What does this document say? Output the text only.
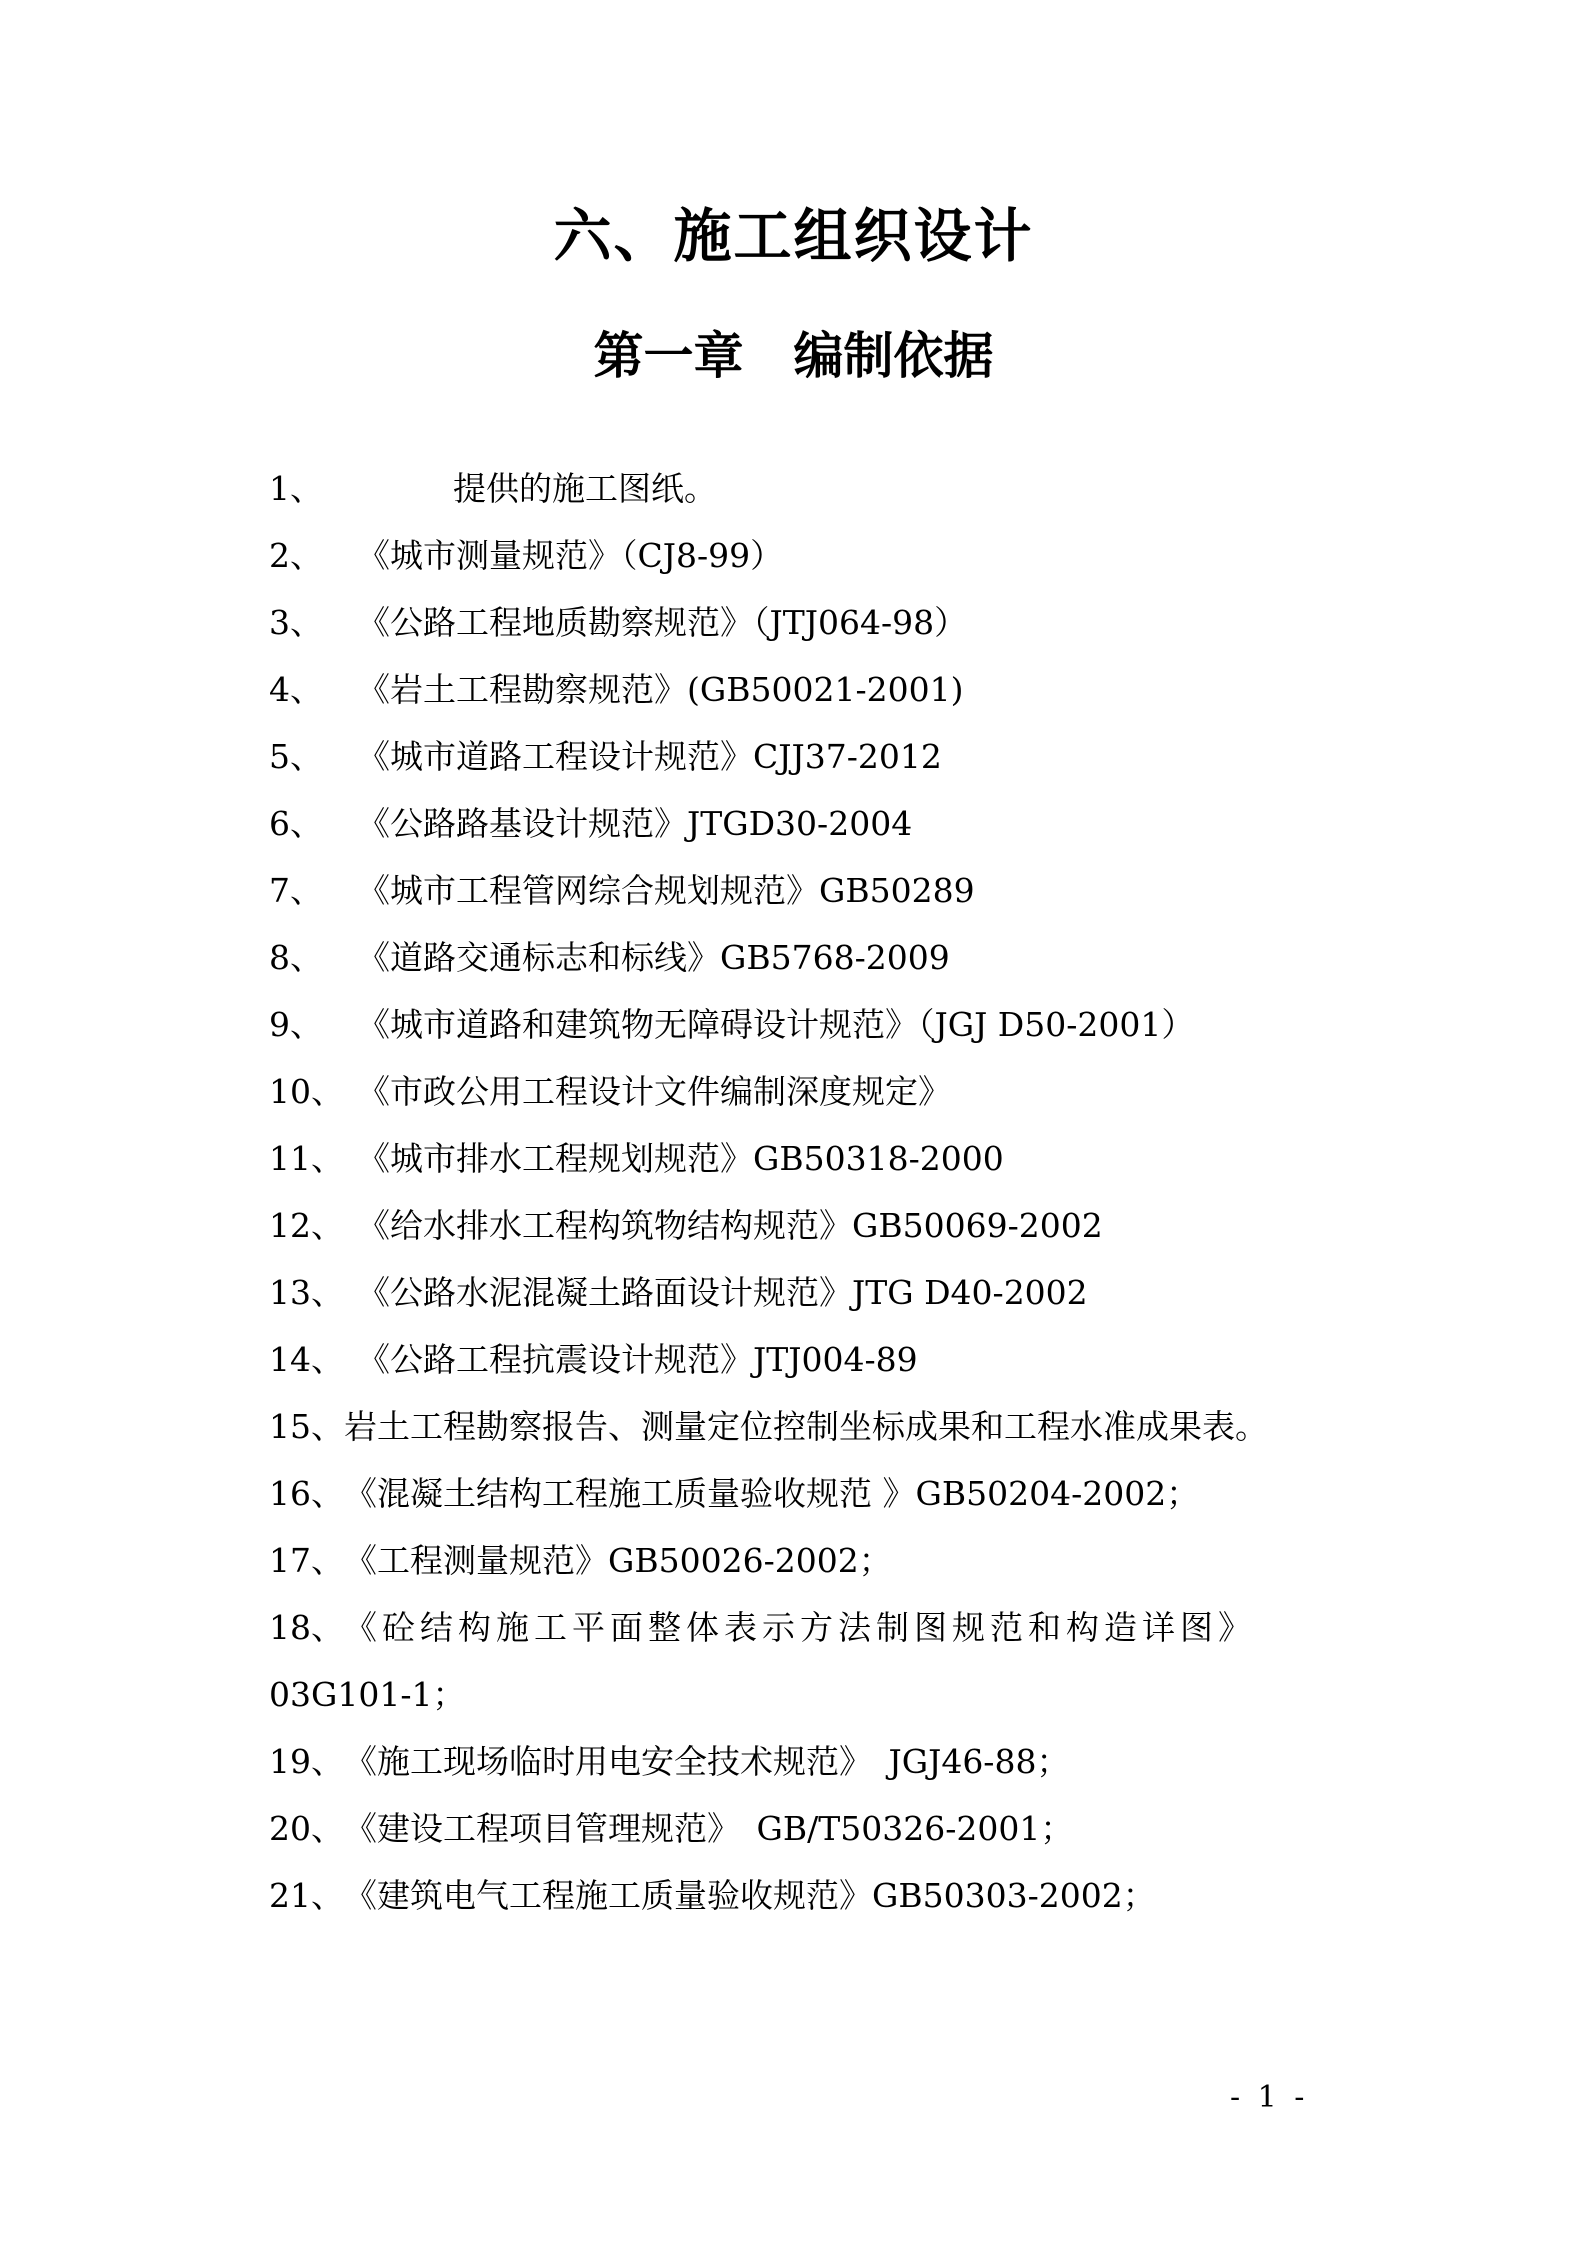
六、施工组织设计
第一章　编制依据
1、	提供的施工图纸。
2、 《城市测量规范》（CJ8-99）
3、 《公路工程地质勘察规范》（JTJ064-98）
4、 《岩土工程勘察规范》(GB50021-2001)
5、 《城市道路工程设计规范》CJJ37-2012
6、 《公路路基设计规范》JTGD30-2004
7、 《城市工程管网综合规划规范》GB50289
8、 《道路交通标志和标线》GB5768-2009
9、 《城市道路和建筑物无障碍设计规范》（JGJ D50-2001）
10、 《市政公用工程设计文件编制深度规定》
11、 《城市排水工程规划规范》GB50318-2000
12、 《给水排水工程构筑物结构规范》GB50069-2002
13、 《公路水泥混凝土路面设计规范》JTG D40-2002
14、 《公路工程抗震设计规范》JTJ004-89
15、岩土工程勘察报告、测量定位控制坐标成果和工程水准成果表。
16、《混凝土结构工程施工质量验收规范 》GB50204-2002；
17、《工程测量规范》GB50026-2002；
18、《砼结构施工平面整体表示方法制图规范和构造详图》
03G101-1；
19、《施工现场临时用电安全技术规范》　JGJ46-88；
20、《建设工程项目管理规范》　GB/T50326-2001；
21、《建筑电气工程施工质量验收规范》GB50303-2002；
- 1 -
